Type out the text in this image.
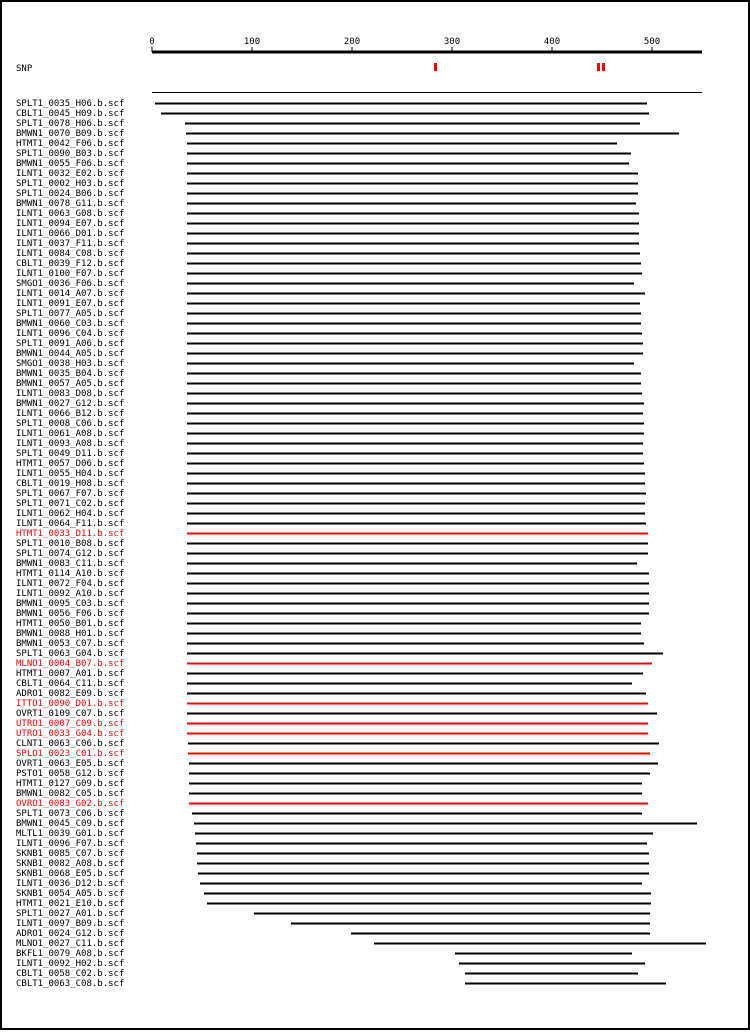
0	100	200	300	400	500
SNP
SPLT1_0035_H06.b.scf
CBLT1_0045_H09.b.scf
SPLT1_0078_H06.b.scf
BMWN1_0070_B09.b.scf
HTMT1_0042_F06.b.scf
SPLT1_0090_B03.b.scf
BMWN1_0055_F06.b.scf
ILNT1_0032_E02.b.scf
SPLT1_0002_H03.b.scf
SPLT1_0024_B06.b.scf
BMWN1_0078_G11.b.scf
ILNT1_0063_G08.b.scf
ILNT1_0094_E07.b.scf
ILNT1_0066_D01.b.scf
ILNT1_0037_F11.b.scf
ILNT1_0084_C08.b.scf
CBLT1_0039_F12.b.scf
ILNT1_0100_F07.b.scf
SMGO1_0036_F06.b.scf
ILNT1_0014_A07.b.scf
ILNT1_0091_E07.b.scf
SPLT1_0077_A05.b.scf
BMWN1_0060_C03.b.scf
ILNT1_0096_C04.b.scf
SPLT1_0091_A06.b.scf
BMWN1_0044_A05.b.scf
SMGO1_0038_H03.b.scf
BMWN1_0035_B04.b.scf
BMWN1_0057_A05.b.scf
ILNT1_0083_D08.b.scf
BMWN1_0027_G12.b.scf
ILNT1_0066_B12.b.scf
SPLT1_0008_C06.b.scf
ILNT1_0061_A08.b.scf
ILNT1_0093_A08.b.scf
SPLT1_0049_D11.b.scf
HTMT1_0057_D06.b.scf
ILNT1_0055_H04.b.scf
CBLT1_0019_H08.b.scf
SPLT1_0067_F07.b.scf
SPLT1_0071_C02.b.scf
ILNT1_0062_H04.b.scf
ILNT1_0064_F11.b.scf
HTMT1_0033_D11.b.scf
SPLT1_0010_B08.b.scf
SPLT1_0074_G12.b.scf
BMWN1_0083_C11.b.scf
HTMT1_0114_A10.b.scf
ILNT1_0072_F04.b.scf
ILNT1_0092_A10.b.scf
BMWN1_0095_C03.b.scf
BMWN1_0056_F06.b.scf
HTMT1_0050_B01.b.scf
BMWN1_0088_H01.b.scf
BMWN1_0053_C07.b.scf
SPLT1_0063_G04.b.scf
MLNO1_0004_B07.b.scf
HTMT1_0007_A01.b.scf
CBLT1_0064_C11.b.scf
ADRO1_0082_E09.b.scf
ITTO1_0090_D01.b.scf
OVRT1_0109_C07.b.scf
UTRO1_0007_C09.b.scf
UTRO1_0033_G04.b.scf
CLNT1_0063_C06.b.scf
SPLO1_0023_C01.b.scf
OVRT1_0063_E05.b.scf
PSTO1_0058_G12.b.scf
HTMT1_0127_G09.b.scf
BMWN1_0082_C05.b.scf
OVRO1_0083_G02.b.scf
SPLT1_0073_C06.b.scf
BMWN1_0045_C09.b.scf
MLTL1_0039_G01.b.scf
ILNT1_0096_F07.b.scf
SKNB1_0085_C07.b.scf
SKNB1_0082_A08.b.scf
SKNB1_0068_E05.b.scf
ILNT1_0036_D12.b.scf
SKNB1_0054_A05.b.scf
HTMT1_0021_E10.b.scf
SPLT1_0027_A01.b.scf
ILNT1_0097_B09.b.scf
ADRO1_0024_G12.b.scf
MLNO1_0027_C11.b.scf
BKFL1_0079_A08.b.scf
ILNT1_0092_H02.b.scf
CBLT1_0058_C02.b.scf
CBLT1_0063_C08.b.scf
